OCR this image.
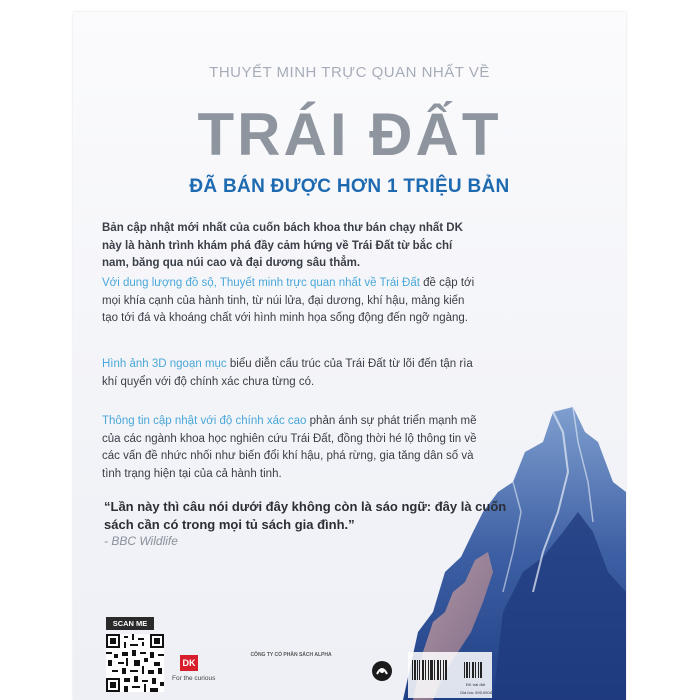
THUYẾT MINH TRỰC QUAN NHẤT VỀ
TRÁI ĐẤT
ĐÃ BÁN ĐƯỢC HƠN 1 TRIỆU BẢN
Bản cập nhật mới nhất của cuốn bách khoa thư bán chạy nhất DK này là hành trình khám phá đầy cảm hứng về Trái Đất từ bắc chí nam, băng qua núi cao và đại dương sâu thẳm.
Với dung lượng đồ sộ, Thuyết minh trực quan nhất về Trái Đất đề cập tới mọi khía cạnh của hành tinh, từ núi lửa, đại dương, khí hậu, mảng kiến tạo tới đá và khoáng chất với hình minh họa sống động đến ngỡ ngàng.
Hình ảnh 3D ngoạn mục biểu diễn cấu trúc của Trái Đất từ lõi đến tận rìa khí quyển với độ chính xác chưa từng có.
Thông tin cập nhật với độ chính xác cao phản ánh sự phát triển mạnh mẽ của các ngành khoa học nghiên cứu Trái Đất, đồng thời hé lộ thông tin về các vấn đề nhức nhối như biến đổi khí hậu, phá rừng, gia tăng dân số và tình trạng hiện tại của cả hành tinh.
“Lần này thì câu nói dưới đây không còn là sáo ngữ: đây là cuốn sách cần có trong mọi tủ sách gia đình.”
- BBC Wildlife
SCAN ME
DK
For the curious
CÔNG TY CỔ PHẦN SÁCH ALPHA
ĐK trái đất
Giá bìa: 595.000đ
